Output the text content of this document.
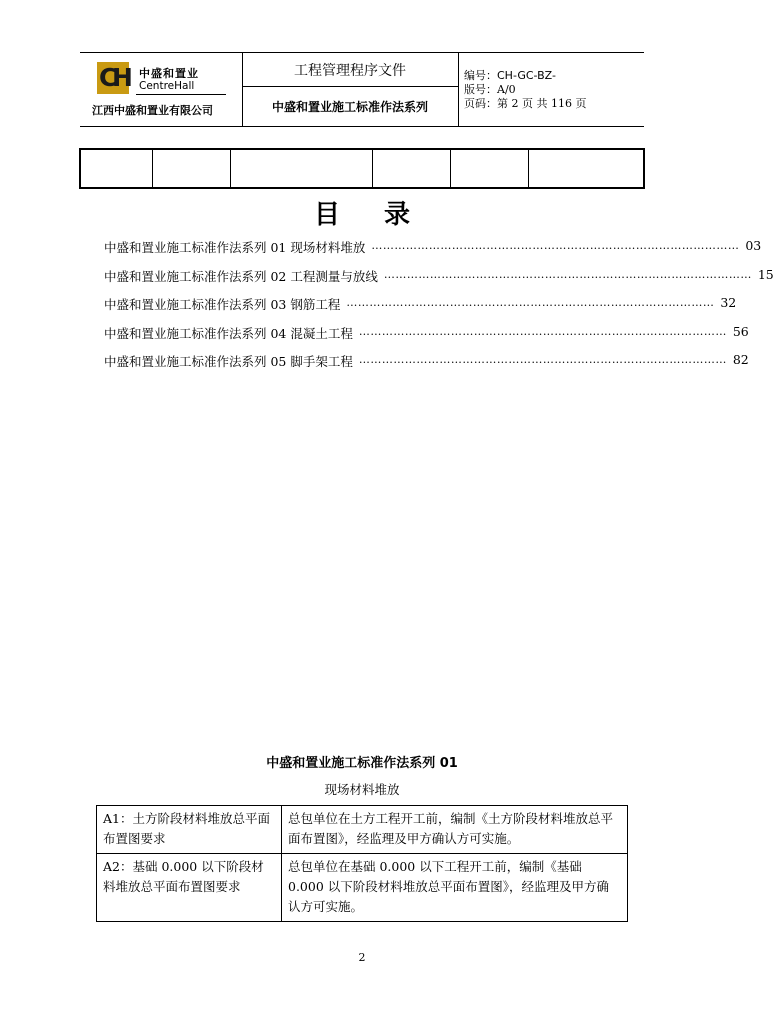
C
H 中盛和置业
CentreHall
江西中盛和置业有限公司
工程管理程序文件
中盛和置业施工标准作法系列
编号：CH-GC-BZ-
版号：A/0
页码：第 2 页 共 116 页
目 录
中盛和置业施工标准作法系列 01 现场材料堆放 …………………………………………………………………………………… 03
中盛和置业施工标准作法系列 02 工程测量与放线 …………………………………………………………………………………… 15
中盛和置业施工标准作法系列 03 钢筋工程 …………………………………………………………………………………… 32
中盛和置业施工标准作法系列 04 混凝土工程 …………………………………………………………………………………… 56
中盛和置业施工标准作法系列 05 脚手架工程 …………………………………………………………………………………… 82
中盛和置业施工标准作法系列 01
现场材料堆放
A1：土方阶段材料堆放总平面布置图要求	总包单位在土方工程开工前，编制《土方阶段材料堆放总平面布置图》，经监理及甲方确认方可实施。
A2：基础 0.000 以下阶段材料堆放总平面布置图要求	总包单位在基础 0.000 以下工程开工前，编制《基础 0.000 以下阶段材料堆放总平面布置图》，经监理及甲方确认方可实施。
2
